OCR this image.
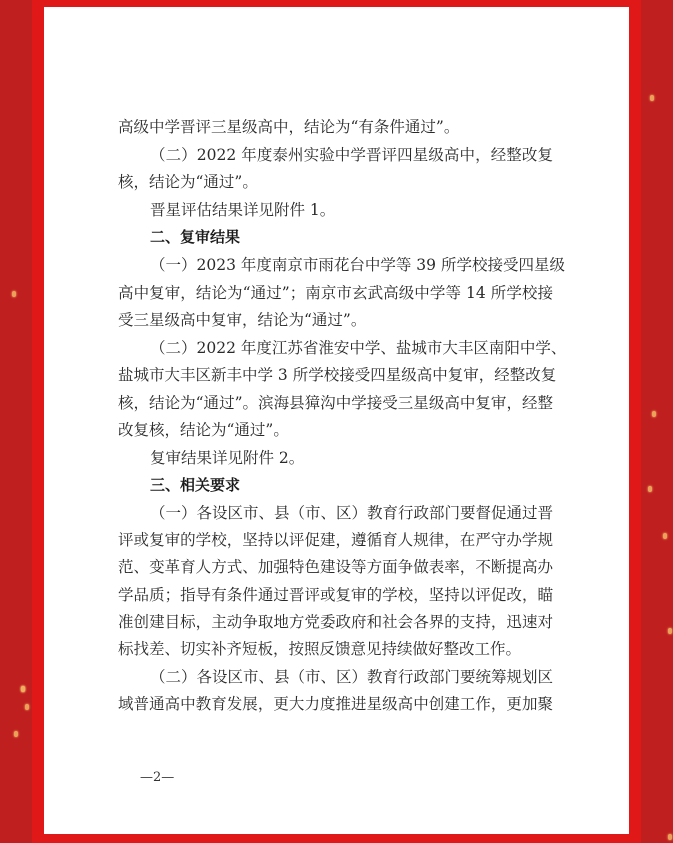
高级中学晋评三星级高中，结论为“有条件通过”。
（二）2022 年度泰州实验中学晋评四星级高中，经整改复
核，结论为“通过”。
晋星评估结果详见附件 1。
二、复审结果
（一）2023 年度南京市雨花台中学等 39 所学校接受四星级
高中复审，结论为“通过”；南京市玄武高级中学等 14 所学校接
受三星级高中复审，结论为“通过”。
（二）2022 年度江苏省淮安中学、盐城市大丰区南阳中学、
盐城市大丰区新丰中学 3 所学校接受四星级高中复审，经整改复
核，结论为“通过”。滨海县獐沟中学接受三星级高中复审，经整
改复核，结论为“通过”。
复审结果详见附件 2。
三、相关要求
（一）各设区市、县（市、区）教育行政部门要督促通过晋
评或复审的学校，坚持以评促建，遵循育人规律，在严守办学规
范、变革育人方式、加强特色建设等方面争做表率，不断提高办
学品质；指导有条件通过晋评或复审的学校，坚持以评促改，瞄
准创建目标，主动争取地方党委政府和社会各界的支持，迅速对
标找差、切实补齐短板，按照反馈意见持续做好整改工作。
（二）各设区市、县（市、区）教育行政部门要统筹规划区
域普通高中教育发展，更大力度推进星级高中创建工作，更加聚
—2—
